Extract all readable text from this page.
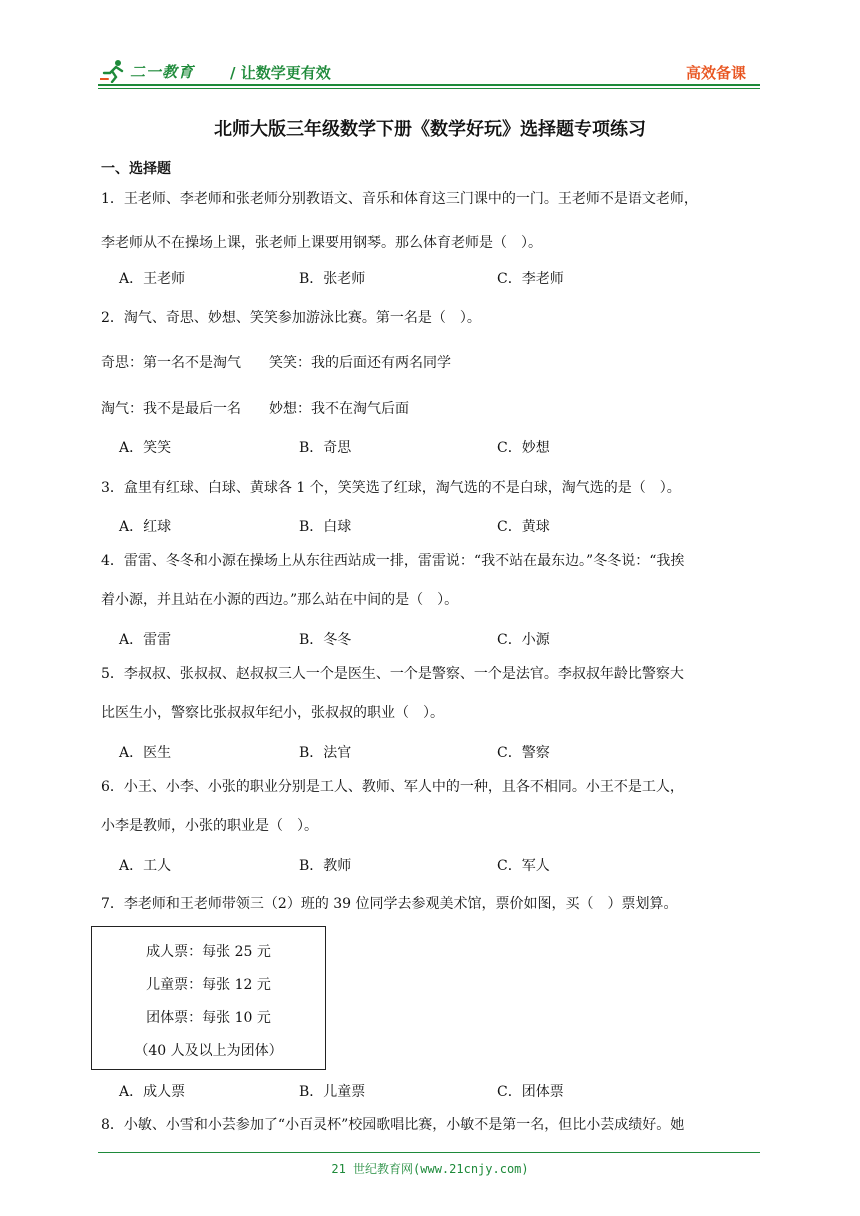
二一教育 / 让数学更有效	高效备课
北师大版三年级数学下册《数学好玩》选择题专项练习
一、选择题
1．王老师、李老师和张老师分别教语文、音乐和体育这三门课中的一门。王老师不是语文老师，
李老师从不在操场上课，张老师上课要用钢琴。那么体育老师是（　）。
A．王老师	B．张老师	C．李老师
2．淘气、奇思、妙想、笑笑参加游泳比赛。第一名是（　）。
奇思：第一名不是淘气　　笑笑：我的后面还有两名同学
淘气：我不是最后一名　　妙想：我不在淘气后面
A．笑笑	B．奇思	C．妙想
3．盒里有红球、白球、黄球各 1 个，笑笑选了红球，淘气选的不是白球，淘气选的是（　）。
A．红球	B．白球	C．黄球
4．雷雷、冬冬和小源在操场上从东往西站成一排，雷雷说：“我不站在最东边。”冬冬说：“我挨
着小源，并且站在小源的西边。”那么站在中间的是（　）。
A．雷雷	B．冬冬	C．小源
5．李叔叔、张叔叔、赵叔叔三人一个是医生、一个是警察、一个是法官。李叔叔年龄比警察大
比医生小，警察比张叔叔年纪小，张叔叔的职业（　）。
A．医生	B．法官	C．警察
6．小王、小李、小张的职业分别是工人、教师、军人中的一种，且各不相同。小王不是工人，
小李是教师，小张的职业是（　）。
A．工人	B．教师	C．军人
7．李老师和王老师带领三（2）班的 39 位同学去参观美术馆，票价如图，买（　）票划算。
成人票：每张 25 元
儿童票：每张 12 元
团体票：每张 10 元
（40 人及以上为团体）
A．成人票	B．儿童票	C．团体票
8．小敏、小雪和小芸参加了“小百灵杯”校园歌唱比赛，小敏不是第一名，但比小芸成绩好。她
21 世纪教育网(www.21cnjy.com)
